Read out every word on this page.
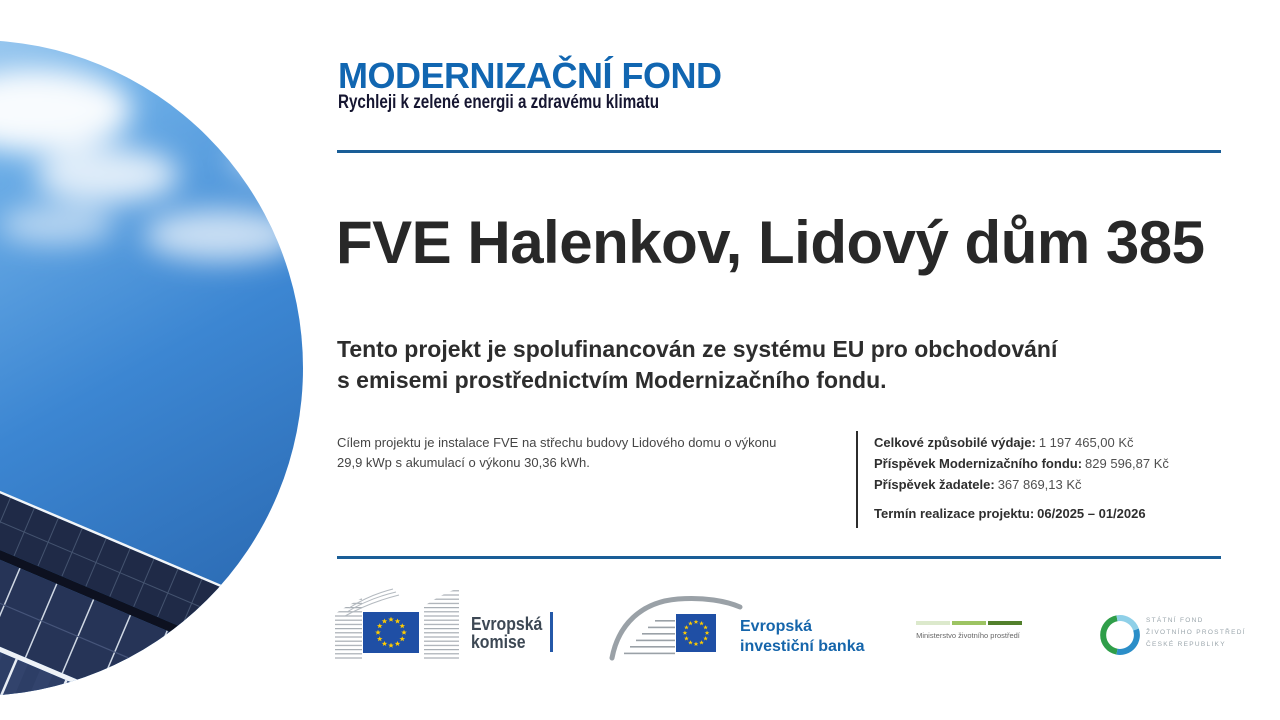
MODERNIZAČNÍ FOND
Rychleji k zelené energii a zdravému klimatu
FVE Halenkov, Lidový dům 385
Tento projekt je spolufinancován ze systému EU pro obchodování
s emisemi prostřednictvím Modernizačního fondu.
Cílem projektu je instalace FVE na střechu budovy Lidového domu o výkonu
29,9 kWp s akumulací o výkonu 30,36 kWh.
Celkové způsobilé výdaje: 1 197 465,00 Kč
Příspěvek Modernizačního fondu: 829 596,87 Kč
Příspěvek žadatele: 367 869,13 Kč
Termín realizace projektu: 06/2025 – 01/2026
Evropská
komise
Evropská
investiční banka
Ministerstvo životního prostředí
STÁTNÍ FOND
ŽIVOTNÍHO PROSTŘEDÍ
ČESKÉ REPUBLIKY
